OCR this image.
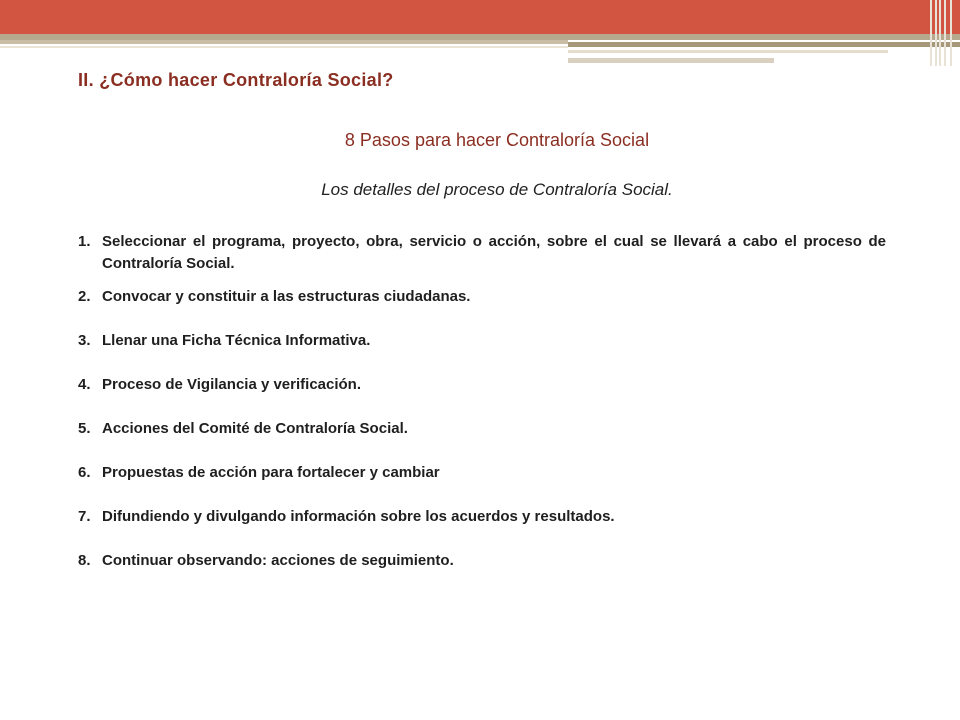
II. ¿Cómo hacer Contraloría Social?
8 Pasos para hacer Contraloría Social
Los detalles del proceso de Contraloría Social.
1. Seleccionar el programa, proyecto, obra, servicio o acción, sobre el cual se llevará a cabo el proceso de Contraloría Social.
2. Convocar y constituir a las estructuras ciudadanas.
3. Llenar una Ficha Técnica Informativa.
4. Proceso de Vigilancia y verificación.
5. Acciones del Comité de Contraloría Social.
6. Propuestas de acción para fortalecer y cambiar
7. Difundiendo y divulgando información sobre los acuerdos y resultados.
8. Continuar observando: acciones de seguimiento.
